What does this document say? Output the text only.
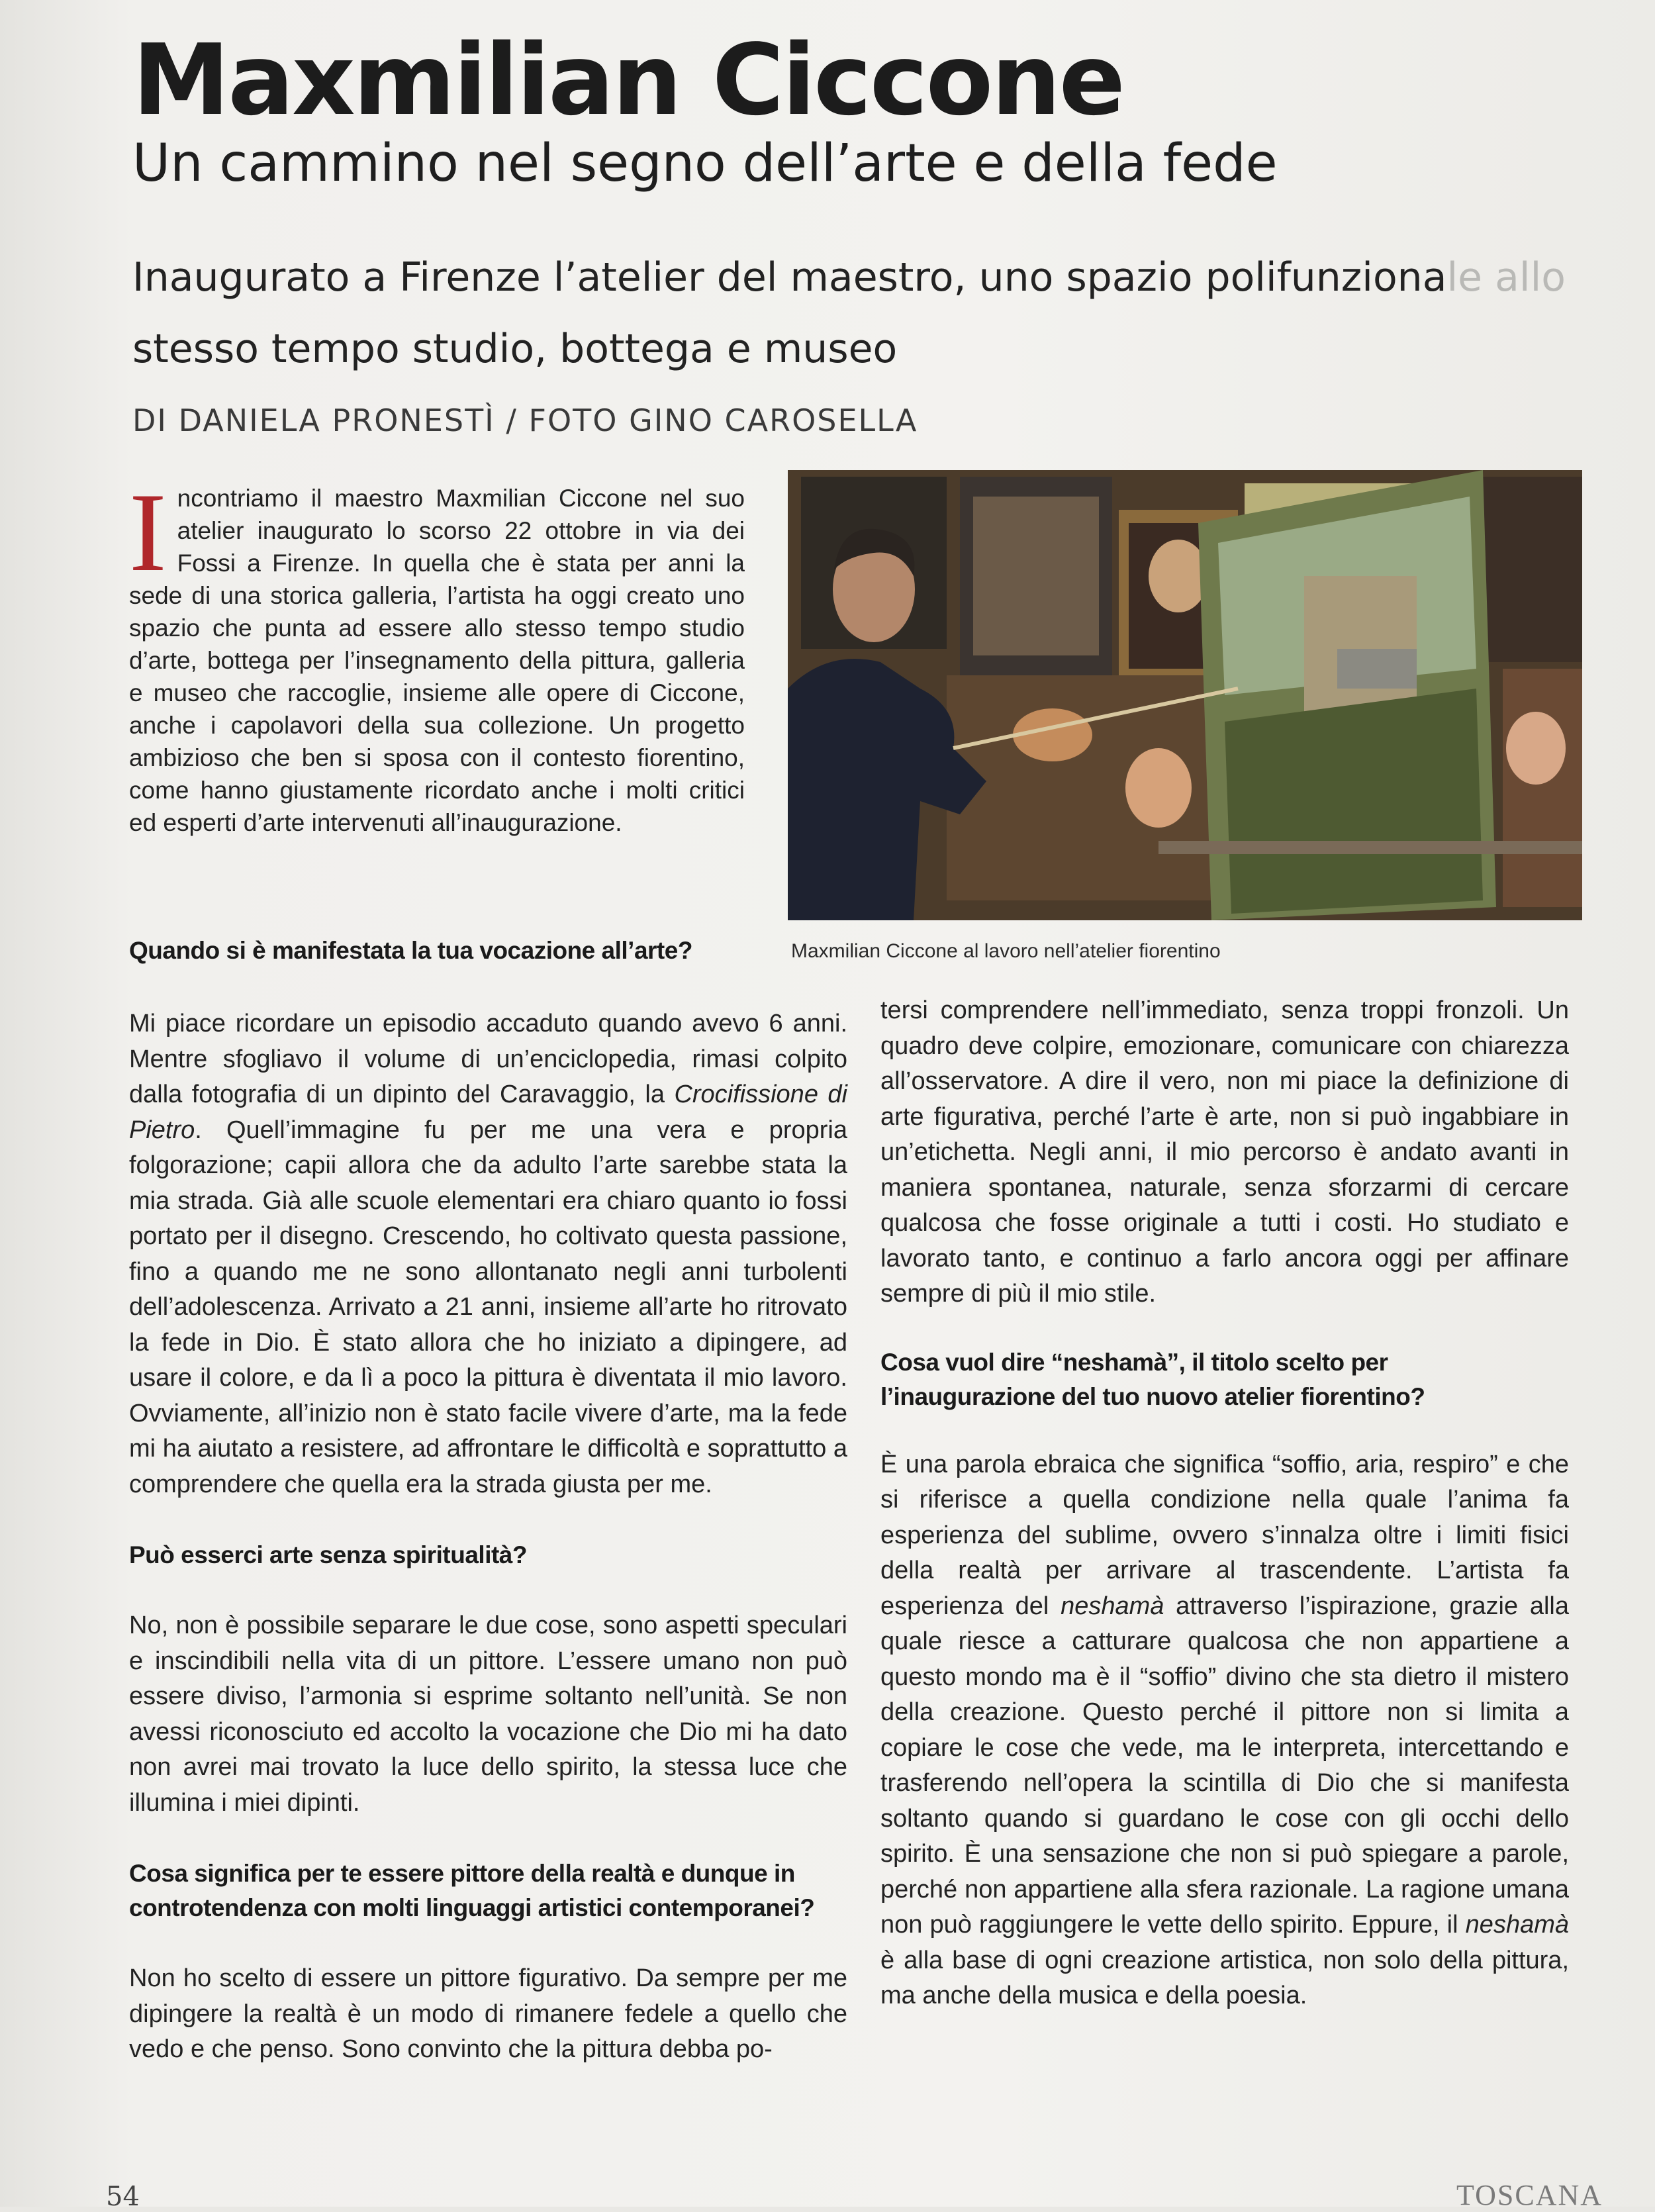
Maxmilian Ciccone
Un cammino nel segno dell’arte e della fede

Inaugurato a Firenze l’atelier del maestro, uno spazio polifunzionale allo
stesso tempo studio, bottega e museo

DI DANIELA PRONESTÌ / FOTO GINO CAROSELLA

Incontriamo il maestro Maxmilian Ciccone nel suo atelier inaugurato lo scorso 22 ottobre in via dei Fossi a Firenze. In quella che è stata per anni la sede di una storica galleria, l’artista ha oggi creato uno spazio che punta ad essere allo stesso tempo studio d’arte, bottega per l’insegnamento della pittura, galleria e museo che raccoglie, insieme alle opere di Ciccone, anche i capolavori della sua collezione. Un progetto ambizioso che ben si sposa con il contesto fiorentino, come hanno giustamente ricordato anche i molti critici ed esperti d’arte intervenuti all’inaugurazione.

Maxmilian Ciccone al lavoro nell’atelier fiorentino

Quando si è manifestata la tua vocazione all’arte?

Mi piace ricordare un episodio accaduto quando avevo 6 anni. Mentre sfogliavo il volume di un’enciclopedia, rimasi colpito dalla fotografia di un dipinto del Caravaggio, la Crocifissione di Pietro. Quell’immagine fu per me una vera e propria folgorazione; capii allora che da adulto l’arte sarebbe stata la mia strada. Già alle scuole elementari era chiaro quanto io fossi portato per il disegno. Crescendo, ho coltivato questa passione, fino a quando me ne sono allontanato negli anni turbolenti dell’adolescenza. Arrivato a 21 anni, insieme all’arte ho ritrovato la fede in Dio. È stato allora che ho iniziato a dipingere, ad usare il colore, e da lì a poco la pittura è diventata il mio lavoro. Ovviamente, all’inizio non è stato facile vivere d’arte, ma la fede mi ha aiutato a resistere, ad affrontare le difficoltà e soprattutto a comprendere che quella era la strada giusta per me.

Può esserci arte senza spiritualità?

No, non è possibile separare le due cose, sono aspetti speculari e inscindibili nella vita di un pittore. L’essere umano non può essere diviso, l’armonia si esprime soltanto nell’unità. Se non avessi riconosciuto ed accolto la vocazione che Dio mi ha dato non avrei mai trovato la luce dello spirito, la stessa luce che illumina i miei dipinti.

Cosa significa per te essere pittore della realtà e dunque in controtendenza con molti linguaggi artistici contemporanei?

Non ho scelto di essere un pittore figurativo. Da sempre per me dipingere la realtà è un modo di rimanere fedele a quello che vedo e che penso. Sono convinto che la pittura debba po-

tersi comprendere nell’immediato, senza troppi fronzoli. Un quadro deve colpire, emozionare, comunicare con chiarezza all’osservatore. A dire il vero, non mi piace la definizione di arte figurativa, perché l’arte è arte, non si può ingabbiare in un’etichetta. Negli anni, il mio percorso è andato avanti in maniera spontanea, naturale, senza sforzarmi di cercare qualcosa che fosse originale a tutti i costi. Ho studiato e lavorato tanto, e continuo a farlo ancora oggi per affinare sempre di più il mio stile.

Cosa vuol dire “neshamà”, il titolo scelto per l’inaugurazione del tuo nuovo atelier fiorentino?

È una parola ebraica che significa “soffio, aria, respiro” e che si riferisce a quella condizione nella quale l’anima fa esperienza del sublime, ovvero s’innalza oltre i limiti fisici della realtà per arrivare al trascendente. L’artista fa esperienza del neshamà attraverso l’ispirazione, grazie alla quale riesce a catturare qualcosa che non appartiene a questo mondo ma è il “soffio” divino che sta dietro il mistero della creazione. Questo perché il pittore non si limita a copiare le cose che vede, ma le interpreta, intercettando e trasferendo nell’opera la scintilla di Dio che si manifesta soltanto quando si guardano le cose con gli occhi dello spirito. È una sensazione che non si può spiegare a parole, perché non appartiene alla sfera razionale. La ragione umana non può raggiungere le vette dello spirito. Eppure, il neshamà è alla base di ogni creazione artistica, non solo della pittura, ma anche della musica e della poesia.

54	TOSCANA
